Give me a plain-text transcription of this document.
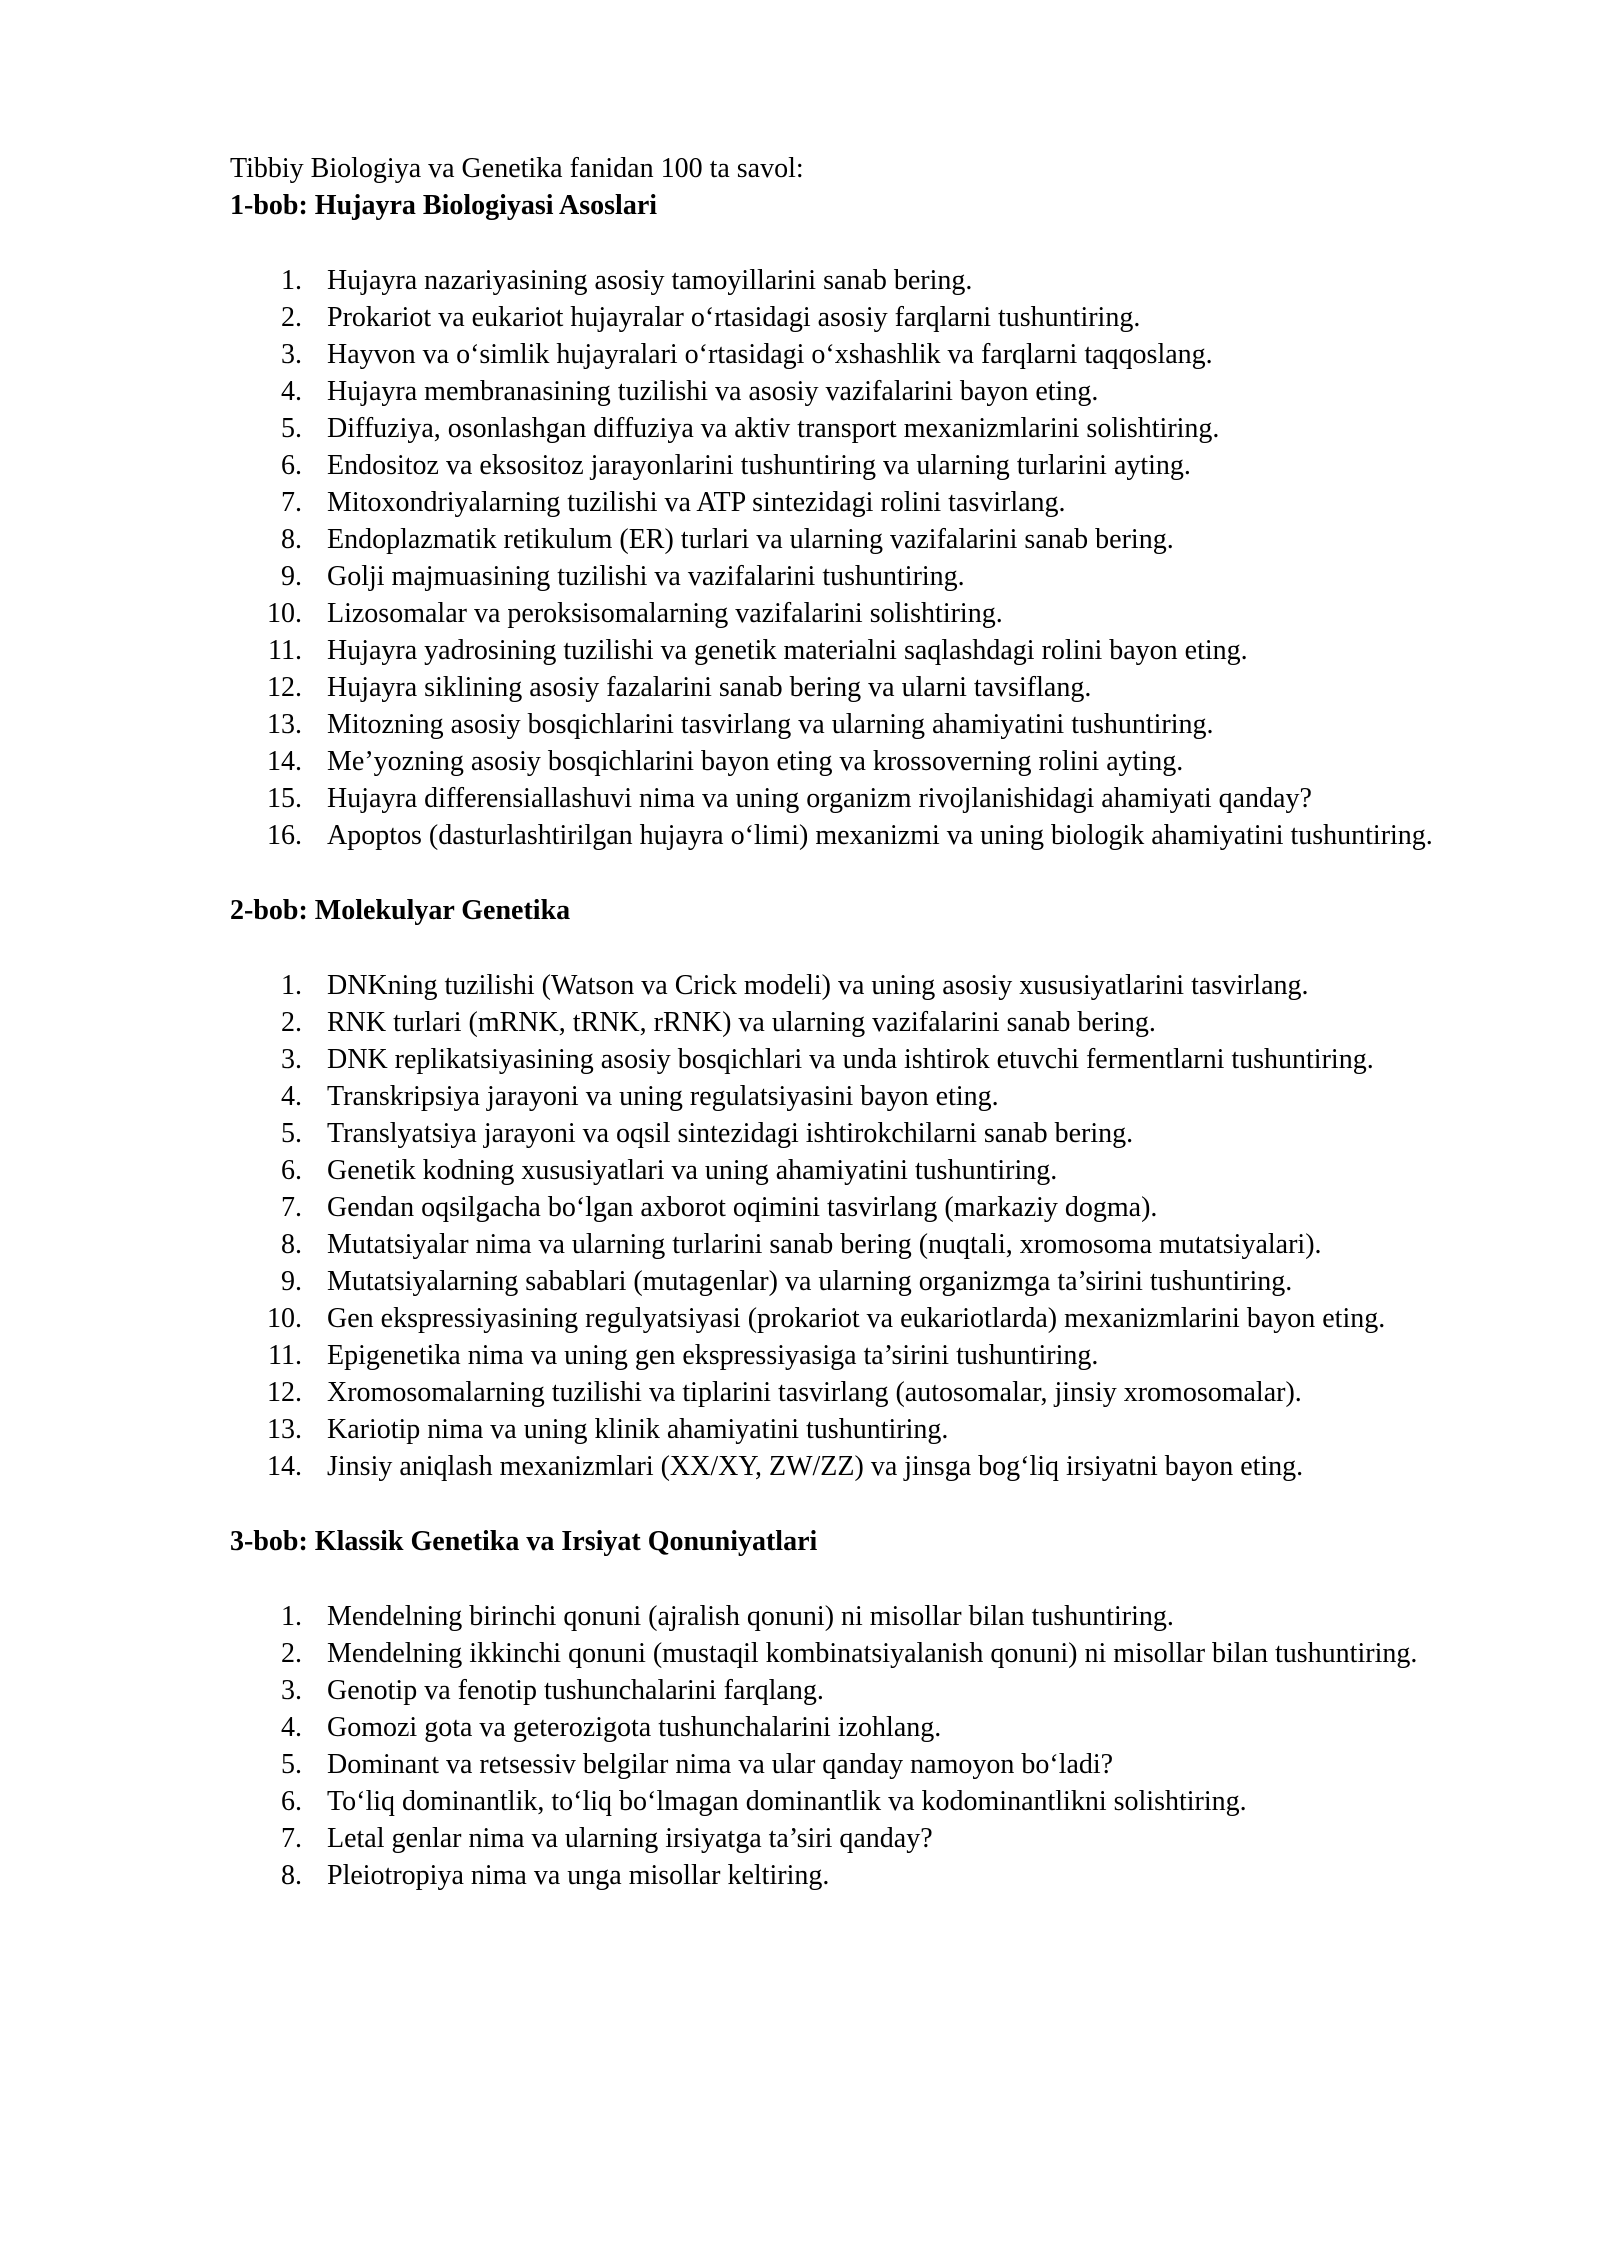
Tibbiy Biologiya va Genetika fanidan 100 ta savol:

1-bob: Hujayra Biologiyasi Asoslari
1. Hujayra nazariyasining asosiy tamoyillarini sanab bering.
2. Prokariot va eukariot hujayralar o‘rtasidagi asosiy farqlarni tushuntiring.
3. Hayvon va o‘simlik hujayralari o‘rtasidagi o‘xshashlik va farqlarni taqqoslang.
4. Hujayra membranasining tuzilishi va asosiy vazifalarini bayon eting.
5. Diffuziya, osonlashgan diffuziya va aktiv transport mexanizmlarini solishtiring.
6. Endositoz va eksositoz jarayonlarini tushuntiring va ularning turlarini ayting.
7. Mitoxondriyalarning tuzilishi va ATP sintezidagi rolini tasvirlang.
8. Endoplazmatik retikulum (ER) turlari va ularning vazifalarini sanab bering.
9. Golji majmuasining tuzilishi va vazifalarini tushuntiring.
10. Lizosomalar va peroksisomalarning vazifalarini solishtiring.
11. Hujayra yadrosining tuzilishi va genetik materialni saqlashdagi rolini bayon eting.
12. Hujayra siklining asosiy fazalarini sanab bering va ularni tavsiflang.
13. Mitozning asosiy bosqichlarini tasvirlang va ularning ahamiyatini tushuntiring.
14. Me’yozning asosiy bosqichlarini bayon eting va krossoverning rolini ayting.
15. Hujayra differensiallashuvi nima va uning organizm rivojlanishidagi ahamiyati qanday?
16. Apoptos (dasturlashtirilgan hujayra o‘limi) mexanizmi va uning biologik ahamiyatini tushuntiring.
2-bob: Molekulyar Genetika
1. DNKning tuzilishi (Watson va Crick modeli) va uning asosiy xususiyatlarini tasvirlang.
2. RNK turlari (mRNK, tRNK, rRNK) va ularning vazifalarini sanab bering.
3. DNK replikatsiyasining asosiy bosqichlari va unda ishtirok etuvchi fermentlarni tushuntiring.
4. Transkripsiya jarayoni va uning regulatsiyasini bayon eting.
5. Translyatsiya jarayoni va oqsil sintezidagi ishtirokchilarni sanab bering.
6. Genetik kodning xususiyatlari va uning ahamiyatini tushuntiring.
7. Gendan oqsilgacha bo‘lgan axborot oqimini tasvirlang (markaziy dogma).
8. Mutatsiyalar nima va ularning turlarini sanab bering (nuqtali, xromosoma mutatsiyalari).
9. Mutatsiyalarning sabablari (mutagenlar) va ularning organizmga ta’sirini tushuntiring.
10. Gen ekspressiyasining regulyatsiyasi (prokariot va eukariotlarda) mexanizmlarini bayon eting.
11. Epigenetika nima va uning gen ekspressiyasiga ta’sirini tushuntiring.
12. Xromosomalarning tuzilishi va tiplarini tasvirlang (autosomalar, jinsiy xromosomalar).
13. Kariotip nima va uning klinik ahamiyatini tushuntiring.
14. Jinsiy aniqlash mexanizmlari (XX/XY, ZW/ZZ) va jinsga bog‘liq irsiyatni bayon eting.
3-bob: Klassik Genetika va Irsiyat Qonuniyatlari
1. Mendelning birinchi qonuni (ajralish qonuni) ni misollar bilan tushuntiring.
2. Mendelning ikkinchi qonuni (mustaqil kombinatsiyalanish qonuni) ni misollar bilan tushuntiring.
3. Genotip va fenotip tushunchalarini farqlang.
4. Gomozi gota va geterozigota tushunchalarini izohlang.
5. Dominant va retsessiv belgilar nima va ular qanday namoyon bo‘ladi?
6. To‘liq dominantlik, to‘liq bo‘lmagan dominantlik va kodominantlikni solishtiring.
7. Letal genlar nima va ularning irsiyatga ta’siri qanday?
8. Pleiotropiya nima va unga misollar keltiring.
